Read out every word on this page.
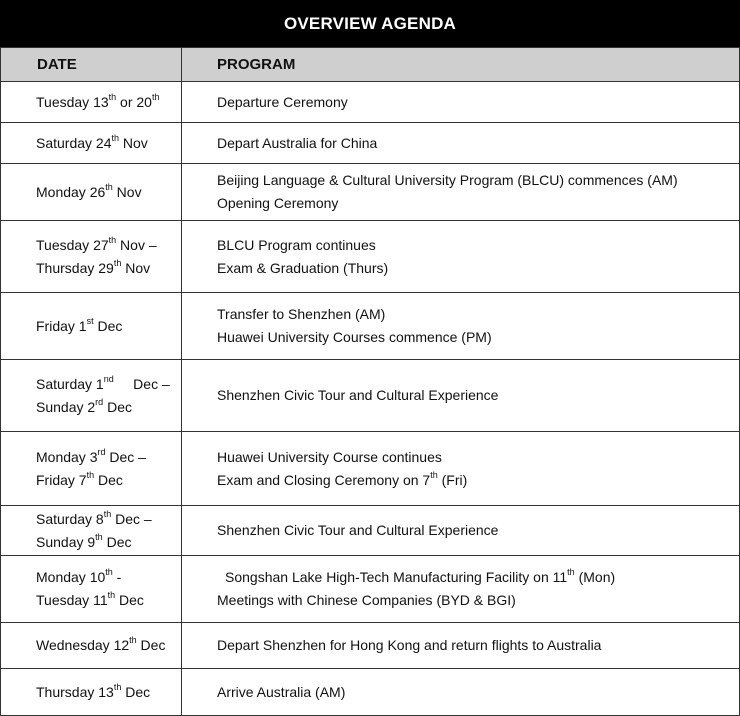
OVERVIEW AGENDA
DATE	PROGRAM

Tuesday 13th or 20th	Departure Ceremony

Saturday 24th Nov	Depart Australia for China

Monday 26th Nov	Beijing Language & Cultural University Program (BLCU) commences (AM)
Opening Ceremony

Tuesday 27th Nov –
Thursday 29th Nov	BLCU Program continues
Exam & Graduation (Thurs)

Friday 1st Dec	Transfer to Shenzhen (AM)
Huawei University Courses commence (PM)

Saturday 1nd     Dec –
Sunday 2rd Dec	Shenzhen Civic Tour and Cultural Experience

Monday 3rd Dec –
Friday 7th Dec	Huawei University Course continues
Exam and Closing Ceremony on 7th (Fri)

Saturday 8th Dec –
Sunday 9th Dec	Shenzhen Civic Tour and Cultural Experience

Monday 10th -
Tuesday 11th Dec	Songshan Lake High-Tech Manufacturing Facility on 11th (Mon)
Meetings with Chinese Companies (BYD & BGI)

Wednesday 12th Dec	Depart Shenzhen for Hong Kong and return flights to Australia

Thursday 13th Dec	Arrive Australia (AM)
